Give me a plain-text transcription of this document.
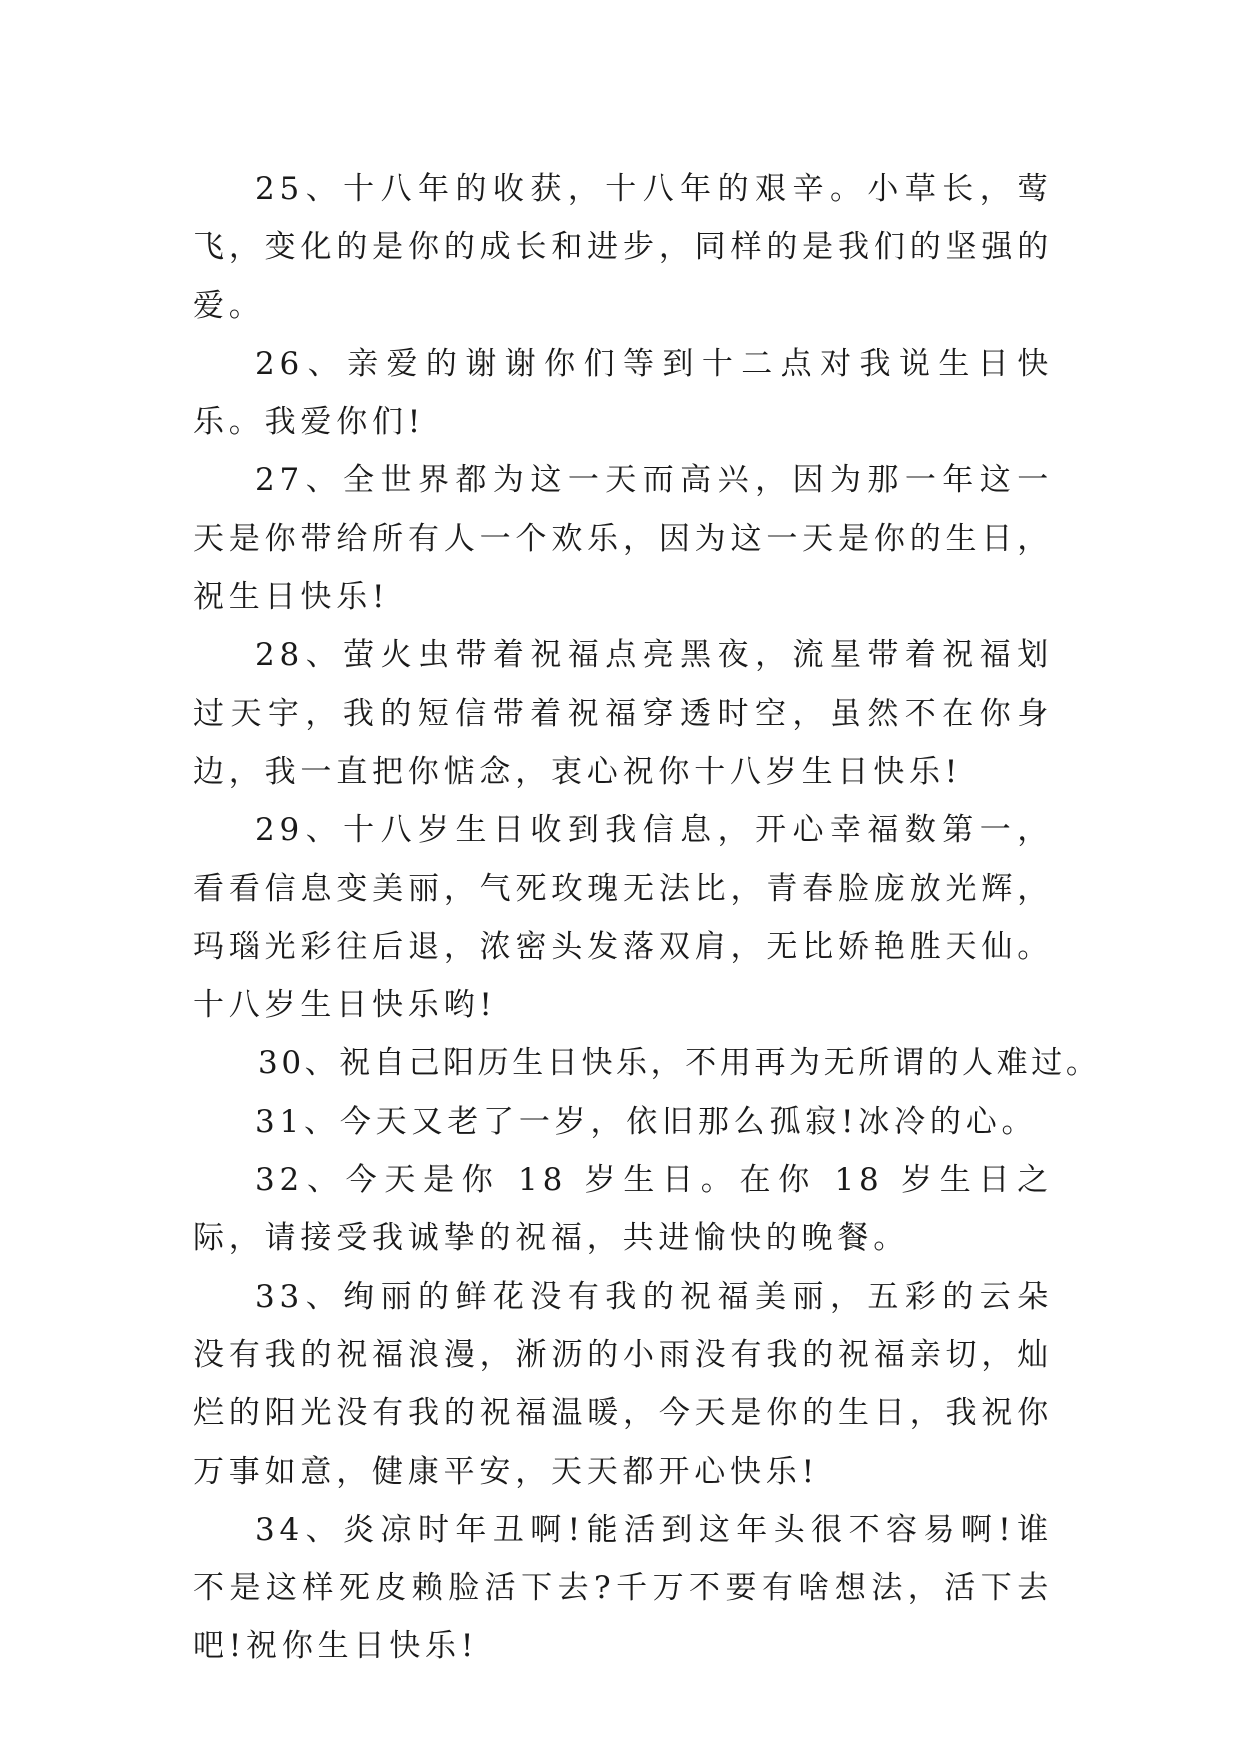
25、十八年的收获，十八年的艰辛。小草长，莺飞，变化的是你的成长和进步，同样的是我们的坚强的爱。

26、亲爱的谢谢你们等到十二点对我说生日快乐。我爱你们!

27、全世界都为这一天而高兴，因为那一年这一天是你带给所有人一个欢乐，因为这一天是你的生日，祝生日快乐!

28、萤火虫带着祝福点亮黑夜，流星带着祝福划过天宇，我的短信带着祝福穿透时空，虽然不在你身边，我一直把你惦念，衷心祝你十八岁生日快乐!

29、十八岁生日收到我信息，开心幸福数第一，看看信息变美丽，气死玫瑰无法比，青春脸庞放光辉，玛瑙光彩往后退，浓密头发落双肩，无比娇艳胜天仙。十八岁生日快乐哟!

30、祝自己阳历生日快乐，不用再为无所谓的人难过。

31、今天又老了一岁，依旧那么孤寂!冰冷的心。

32、今天是你 18 岁生日。在你 18 岁生日之际，请接受我诚挚的祝福，共进愉快的晚餐。

33、绚丽的鲜花没有我的祝福美丽，五彩的云朵没有我的祝福浪漫，淅沥的小雨没有我的祝福亲切，灿烂的阳光没有我的祝福温暖，今天是你的生日，我祝你万事如意，健康平安，天天都开心快乐!

34、炎凉时年丑啊!能活到这年头很不容易啊!谁不是这样死皮赖脸活下去?千万不要有啥想法，活下去吧!祝你生日快乐!
